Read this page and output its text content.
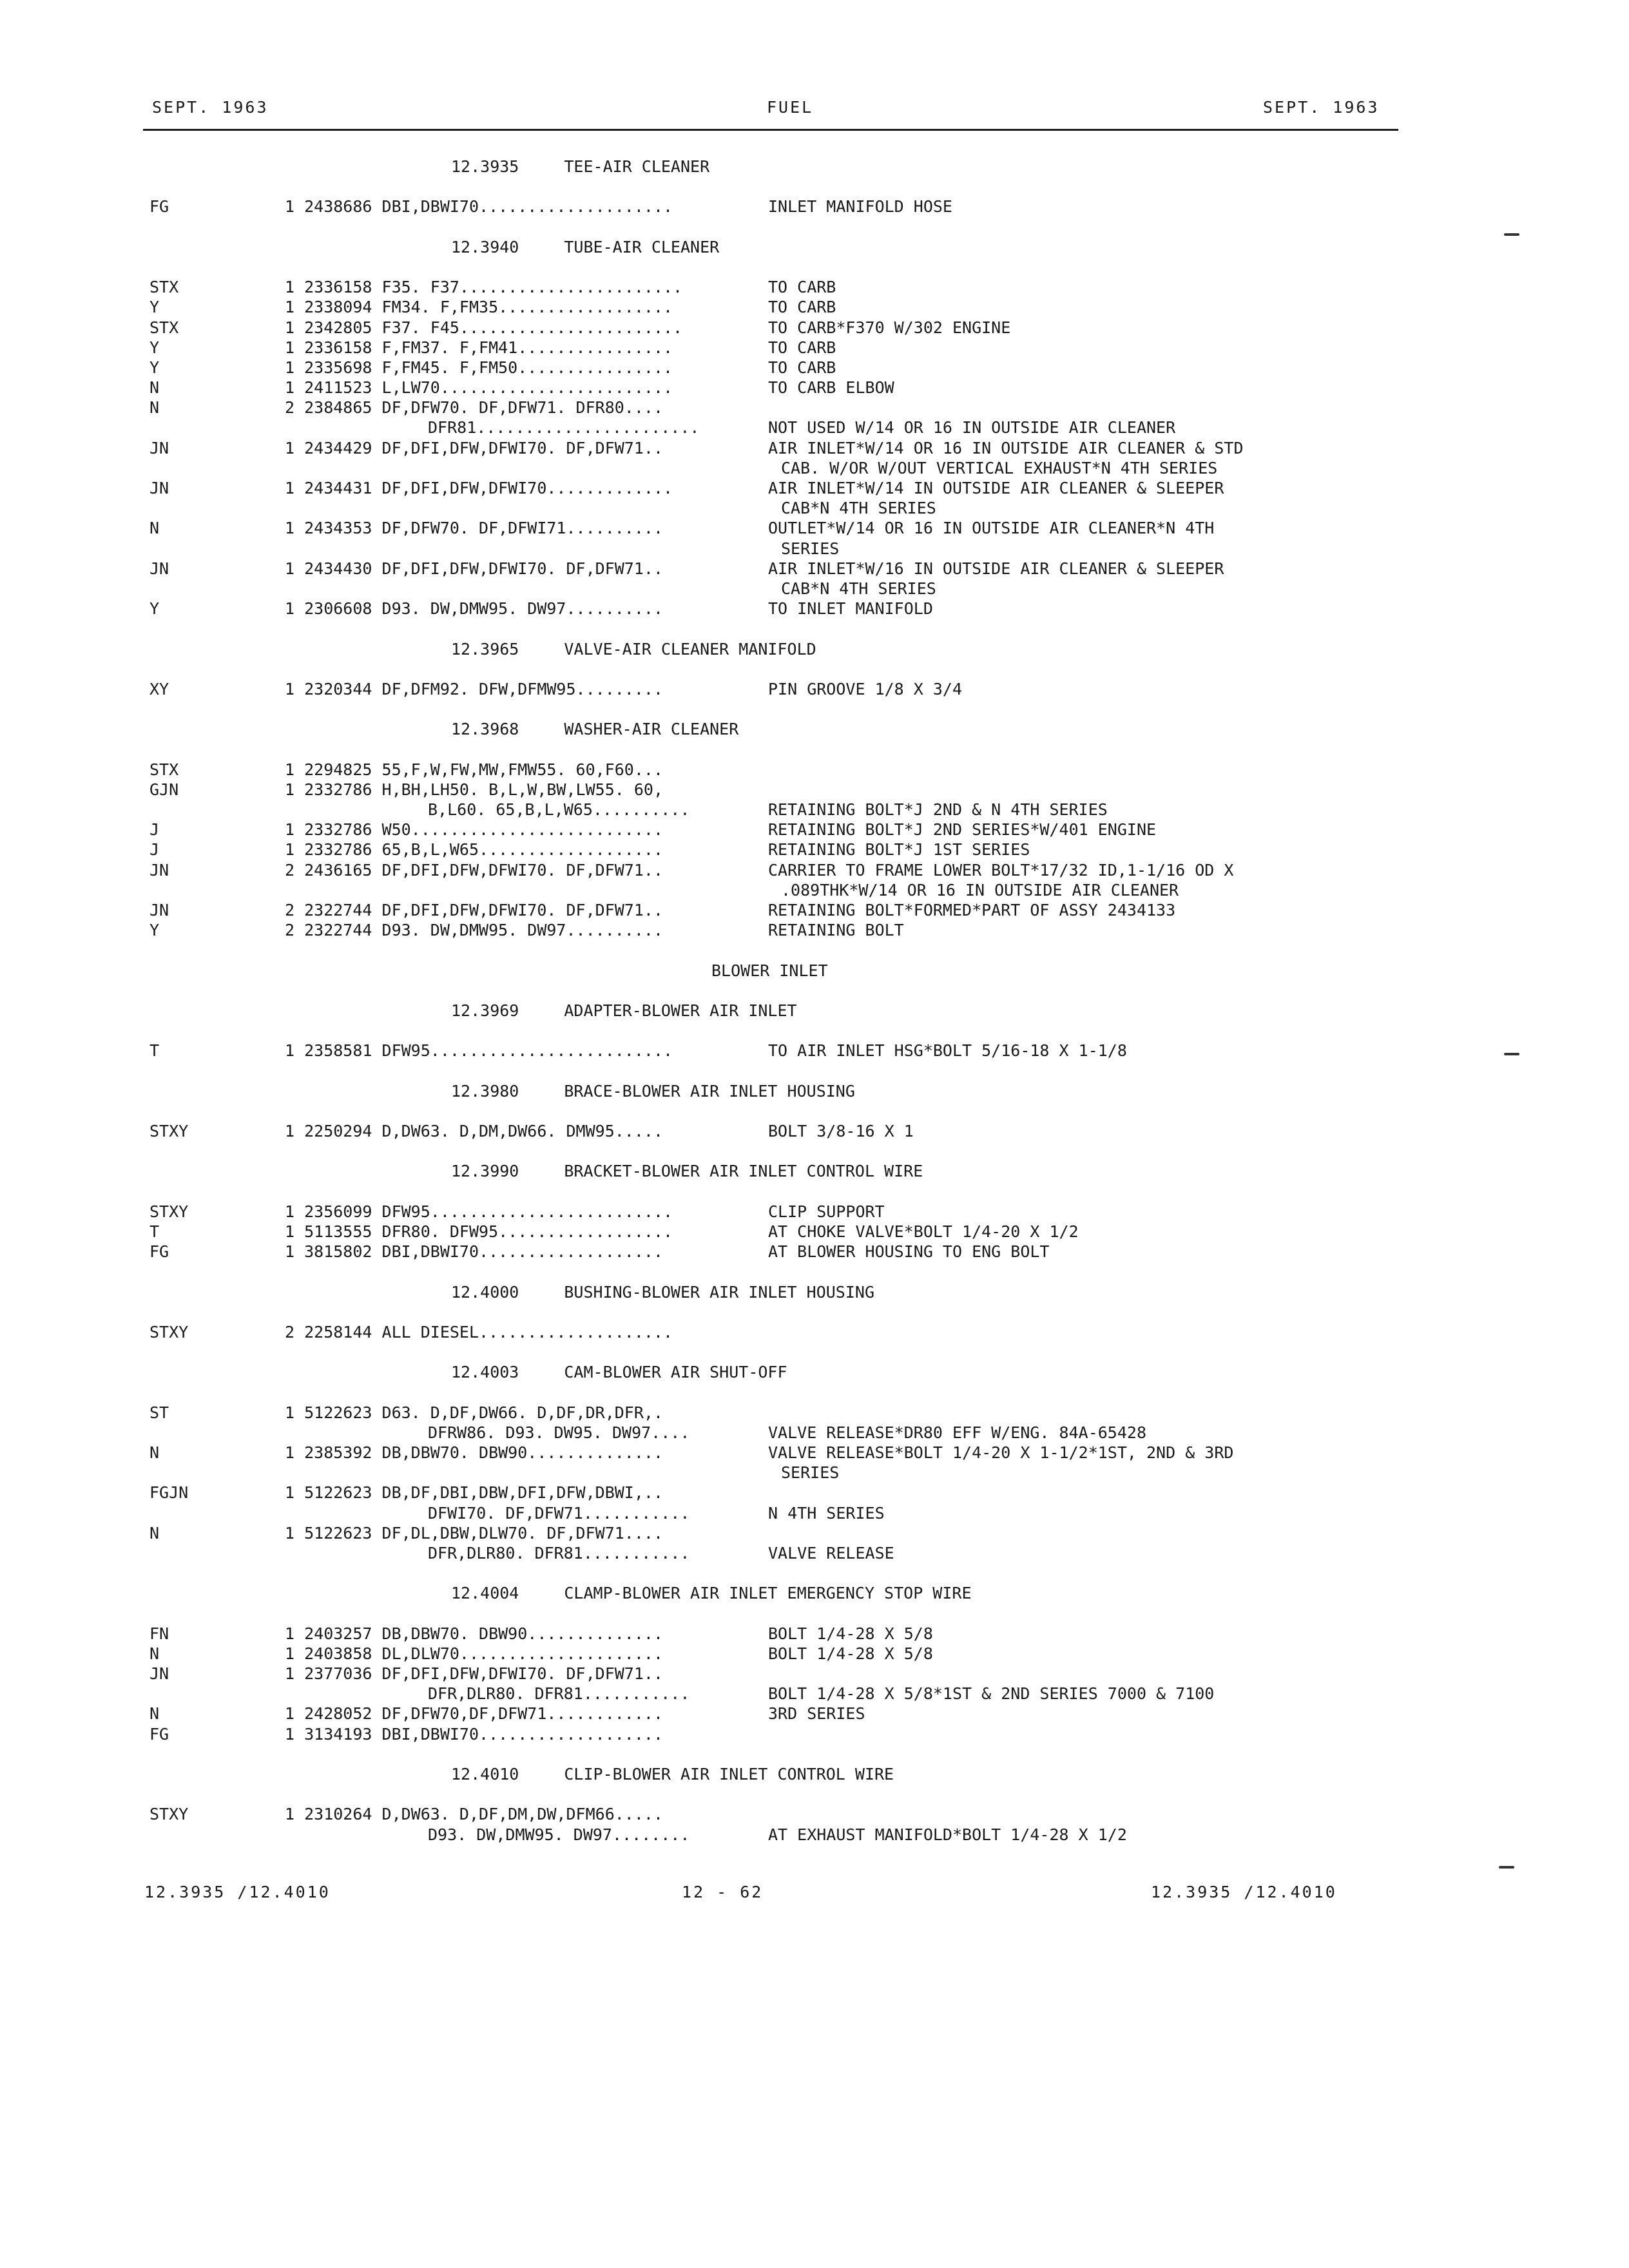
SEPT. 1963	FUEL	SEPT. 1963
12.3935	TEE-AIR CLEANER
FG	1 2438686 DBI,DBWI70....................	INLET MANIFOLD HOSE
12.3940	TUBE-AIR CLEANER
STX	1 2336158 F35. F37.......................	TO CARB
Y	1 2338094 FM34. F,FM35..................	TO CARB
STX	1 2342805 F37. F45.......................	TO CARB*F370 W/302 ENGINE
Y	1 2336158 F,FM37. F,FM41................	TO CARB
Y	1 2335698 F,FM45. F,FM50................	TO CARB
N	1 2411523 L,LW70........................	TO CARB ELBOW
N	2 2384865 DF,DFW70. DF,DFW71. DFR80....
DFR81.......................	NOT USED W/14 OR 16 IN OUTSIDE AIR CLEANER
JN	1 2434429 DF,DFI,DFW,DFWI70. DF,DFW71..	AIR INLET*W/14 OR 16 IN OUTSIDE AIR CLEANER & STD
CAB. W/OR W/OUT VERTICAL EXHAUST*N 4TH SERIES
JN	1 2434431 DF,DFI,DFW,DFWI70.............	AIR INLET*W/14 IN OUTSIDE AIR CLEANER & SLEEPER
CAB*N 4TH SERIES
N	1 2434353 DF,DFW70. DF,DFWI71..........	OUTLET*W/14 OR 16 IN OUTSIDE AIR CLEANER*N 4TH
SERIES
JN	1 2434430 DF,DFI,DFW,DFWI70. DF,DFW71..	AIR INLET*W/16 IN OUTSIDE AIR CLEANER & SLEEPER
CAB*N 4TH SERIES
Y	1 2306608 D93. DW,DMW95. DW97..........	TO INLET MANIFOLD
12.3965	VALVE-AIR CLEANER MANIFOLD
XY	1 2320344 DF,DFM92. DFW,DFMW95.........	PIN GROOVE 1/8 X 3/4
12.3968	WASHER-AIR CLEANER
STX	1 2294825 55,F,W,FW,MW,FMW55. 60,F60...
GJN	1 2332786 H,BH,LH50. B,L,W,BW,LW55. 60,
B,L60. 65,B,L,W65..........	RETAINING BOLT*J 2ND & N 4TH SERIES
J	1 2332786 W50..........................	RETAINING BOLT*J 2ND SERIES*W/401 ENGINE
J	1 2332786 65,B,L,W65...................	RETAINING BOLT*J 1ST SERIES
JN	2 2436165 DF,DFI,DFW,DFWI70. DF,DFW71..	CARRIER TO FRAME LOWER BOLT*17/32 ID,1-1/16 OD X
.089THK*W/14 OR 16 IN OUTSIDE AIR CLEANER
JN	2 2322744 DF,DFI,DFW,DFWI70. DF,DFW71..	RETAINING BOLT*FORMED*PART OF ASSY 2434133
Y	2 2322744 D93. DW,DMW95. DW97..........	RETAINING BOLT
BLOWER INLET
12.3969	ADAPTER-BLOWER AIR INLET
T	1 2358581 DFW95.........................	TO AIR INLET HSG*BOLT 5/16-18 X 1-1/8
12.3980	BRACE-BLOWER AIR INLET HOUSING
STXY	1 2250294 D,DW63. D,DM,DW66. DMW95.....	BOLT 3/8-16 X 1
12.3990	BRACKET-BLOWER AIR INLET CONTROL WIRE
STXY	1 2356099 DFW95.........................	CLIP SUPPORT
T	1 5113555 DFR80. DFW95..................	AT CHOKE VALVE*BOLT 1/4-20 X 1/2
FG	1 3815802 DBI,DBWI70...................	AT BLOWER HOUSING TO ENG BOLT
12.4000	BUSHING-BLOWER AIR INLET HOUSING
STXY	2 2258144 ALL DIESEL....................
12.4003	CAM-BLOWER AIR SHUT-OFF
ST	1 5122623 D63. D,DF,DW66. D,DF,DR,DFR,.
DFRW86. D93. DW95. DW97....	VALVE RELEASE*DR80 EFF W/ENG. 84A-65428
N	1 2385392 DB,DBW70. DBW90..............	VALVE RELEASE*BOLT 1/4-20 X 1-1/2*1ST, 2ND & 3RD
SERIES
FGJN	1 5122623 DB,DF,DBI,DBW,DFI,DFW,DBWI,..
DFWI70. DF,DFW71...........	N 4TH SERIES
N	1 5122623 DF,DL,DBW,DLW70. DF,DFW71....
DFR,DLR80. DFR81...........	VALVE RELEASE
12.4004	CLAMP-BLOWER AIR INLET EMERGENCY STOP WIRE
FN	1 2403257 DB,DBW70. DBW90..............	BOLT 1/4-28 X 5/8
N	1 2403858 DL,DLW70.....................	BOLT 1/4-28 X 5/8
JN	1 2377036 DF,DFI,DFW,DFWI70. DF,DFW71..
DFR,DLR80. DFR81...........	BOLT 1/4-28 X 5/8*1ST & 2ND SERIES 7000 & 7100
N	1 2428052 DF,DFW70,DF,DFW71............	3RD SERIES
FG	1 3134193 DBI,DBWI70...................
12.4010	CLIP-BLOWER AIR INLET CONTROL WIRE
STXY	1 2310264 D,DW63. D,DF,DM,DW,DFM66.....
D93. DW,DMW95. DW97........	AT EXHAUST MANIFOLD*BOLT 1/4-28 X 1/2
12.3935 /12.4010	12 - 62	12.3935 /12.4010
